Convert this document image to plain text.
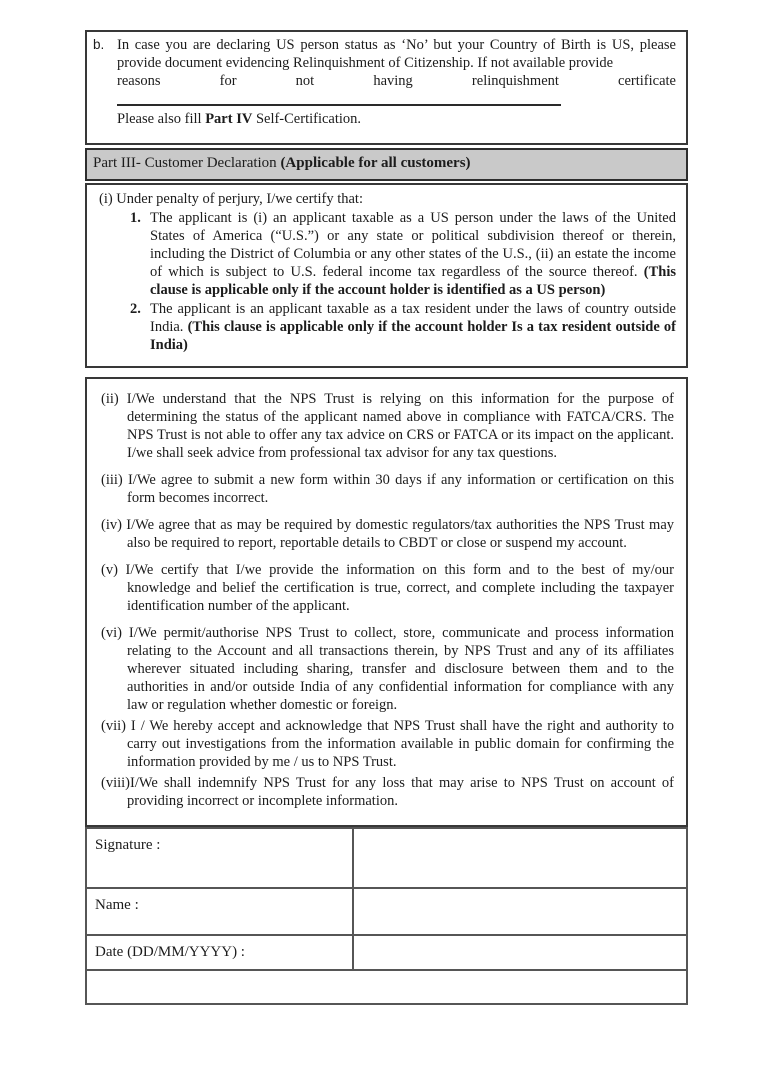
b. In case you are declaring US person status as ‘No’ but your Country of Birth is US, please provide document evidencing Relinquishment of Citizenship. If not available provide
reasons for not having relinquishment certificate
Please also fill Part IV Self-Certification.
Part III- Customer Declaration (Applicable for all customers)
(i) Under penalty of perjury, I/we certify that:
1. The applicant is (i) an applicant taxable as a US person under the laws of the United States of America (“U.S.”) or any state or political subdivision thereof or therein, including the District of Columbia or any other states of the U.S., (ii) an estate the income of which is subject to U.S. federal income tax regardless of the source thereof. (This clause is applicable only if the account holder is identified as a US person)
2. The applicant is an applicant taxable as a tax resident under the laws of country outside India. (This clause is applicable only if the account holder Is a tax resident outside of India)
(ii) I/We understand that the NPS Trust is relying on this information for the purpose of determining the status of the applicant named above in compliance with FATCA/CRS. The NPS Trust is not able to offer any tax advice on CRS or FATCA or its impact on the applicant. I/we shall seek advice from professional tax advisor for any tax questions.
(iii) I/We agree to submit a new form within 30 days if any information or certification on this form becomes incorrect.
(iv) I/We agree that as may be required by domestic regulators/tax authorities the NPS Trust may also be required to report, reportable details to CBDT or close or suspend my account.
(v) I/We certify that I/we provide the information on this form and to the best of my/our knowledge and belief the certification is true, correct, and complete including the taxpayer identification number of the applicant.
(vi) I/We permit/authorise NPS Trust to collect, store, communicate and process information relating to the Account and all transactions therein, by NPS Trust and any of its affiliates wherever situated including sharing, transfer and disclosure between them and to the authorities in and/or outside India of any confidential information for compliance with any law or regulation whether domestic or foreign.
(vii) I / We hereby accept and acknowledge that NPS Trust shall have the right and authority to carry out investigations from the information available in public domain for confirming the information provided by me / us to NPS Trust.
(viii)I/We shall indemnify NPS Trust for any loss that may arise to NPS Trust on account of providing incorrect or incomplete information.
Signature :
Name :
Date (DD/MM/YYYY) :
